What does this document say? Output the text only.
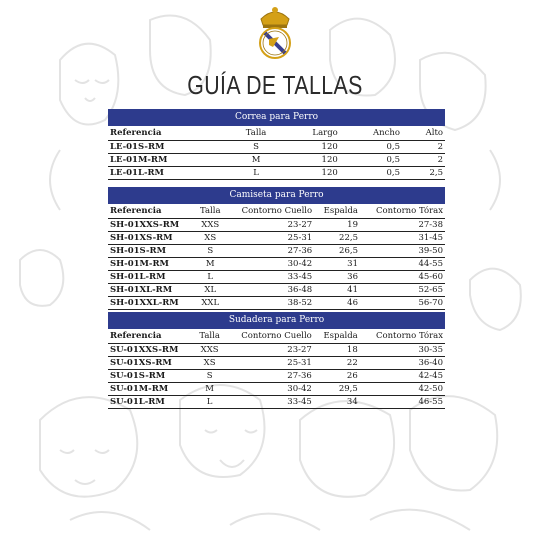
GUÍA DE TALLAS
Correa para Perro
Referencia	Talla	Largo	Ancho	Alto
LE-01S-RM	S	120	0,5	2
LE-01M-RM	M	120	0,5	2
LE-01L-RM	L	120	0,5	2,5
Camiseta para Perro
Referencia	Talla	Contorno Cuello	Espalda	Contorno Tórax
SH-01XXS-RM	XXS	23-27	19	27-38
SH-01XS-RM	XS	25-31	22,5	31-45
SH-01S-RM	S	27-36	26,5	39-50
SH-01M-RM	M	30-42	31	44-55
SH-01L-RM	L	33-45	36	45-60
SH-01XL-RM	XL	36-48	41	52-65
SH-01XXL-RM	XXL	38-52	46	56-70
Sudadera para Perro
Referencia	Talla	Contorno Cuello	Espalda	Contorno Tórax
SU-01XXS-RM	XXS	23-27	18	30-35
SU-01XS-RM	XS	25-31	22	36-40
SU-01S-RM	S	27-36	26	42-45
SU-01M-RM	M	30-42	29,5	42-50
SU-01L-RM	L	33-45	34	46-55
